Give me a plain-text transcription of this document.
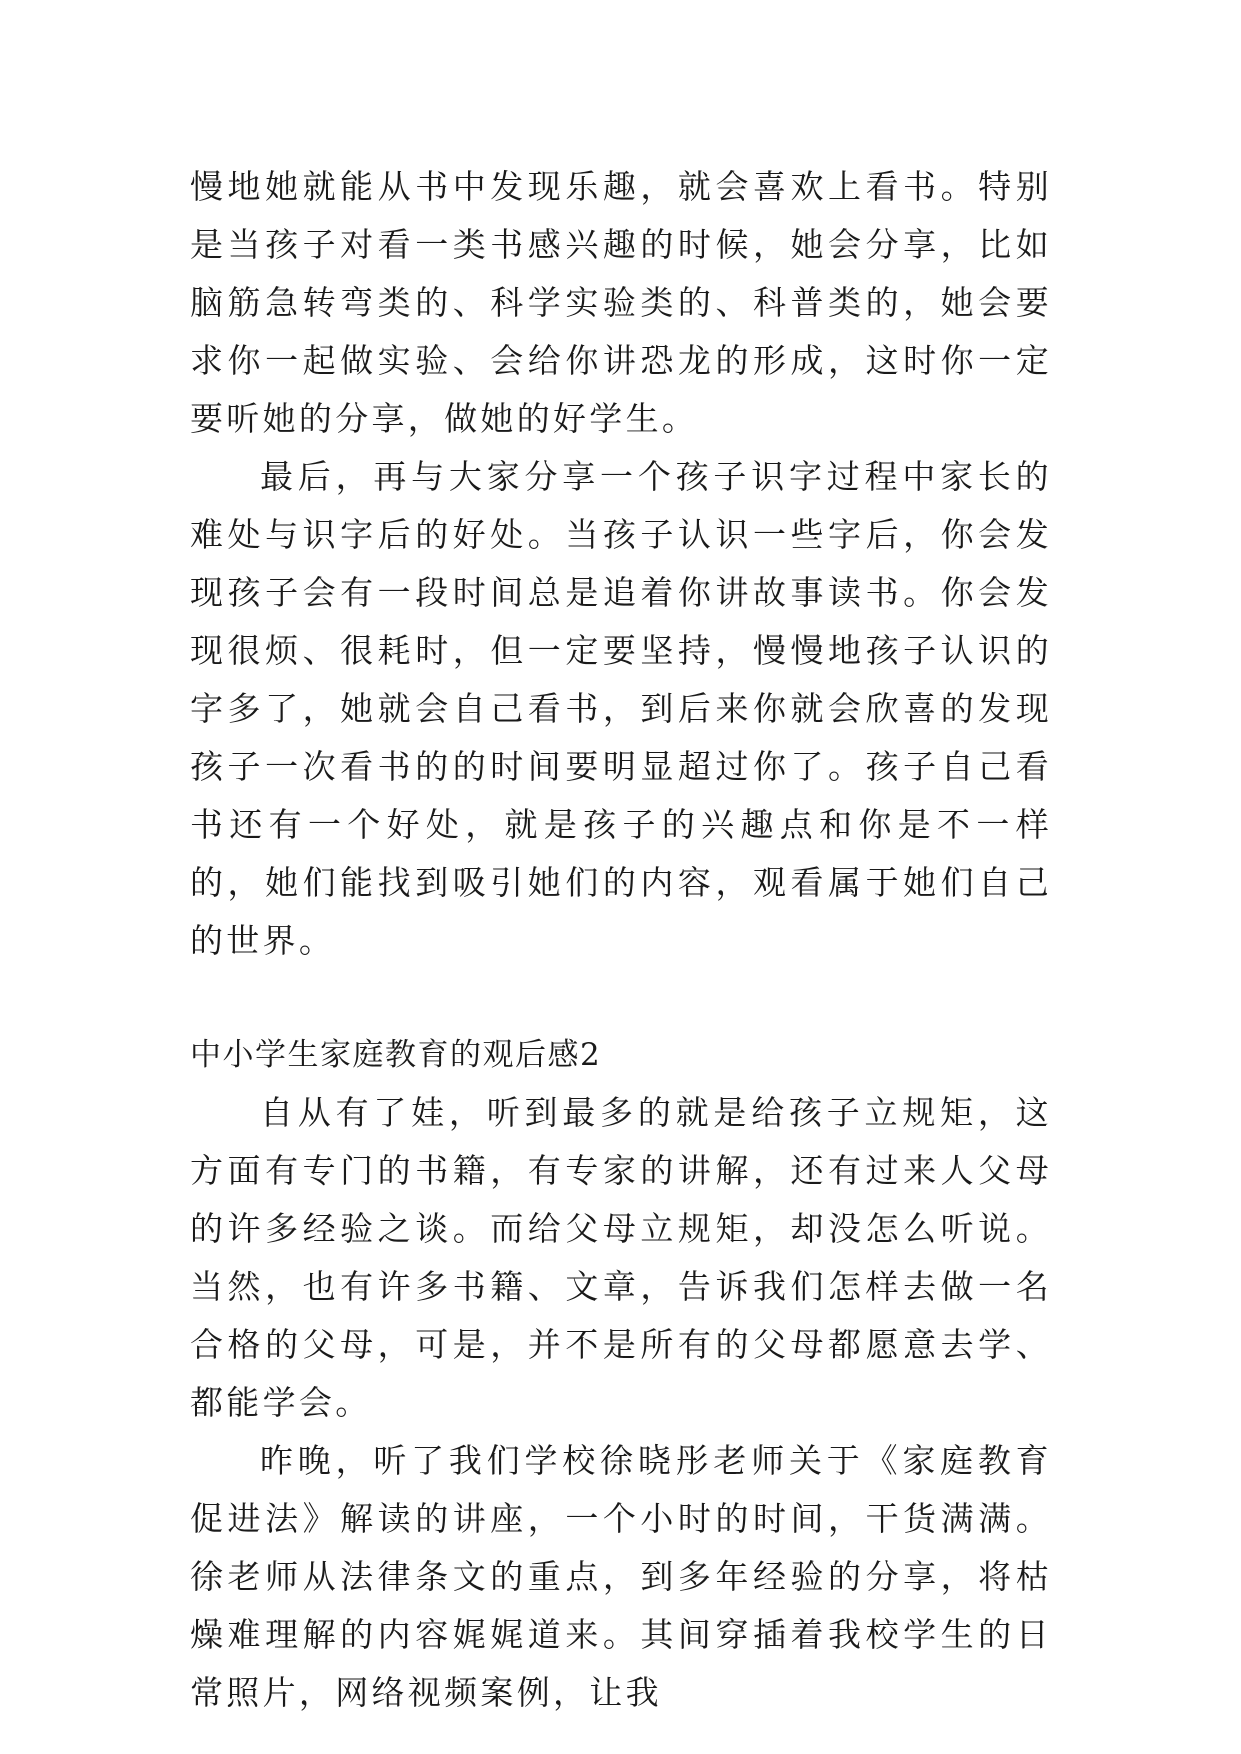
慢地她就能从书中发现乐趣，就会喜欢上看书。特别是当孩子对看一类书感兴趣的时候，她会分享，比如脑筋急转弯类的、科学实验类的、科普类的，她会要求你一起做实验、会给你讲恐龙的形成，这时你一定要听她的分享，做她的好学生。

最后，再与大家分享一个孩子识字过程中家长的难处与识字后的好处。当孩子认识一些字后，你会发现孩子会有一段时间总是追着你讲故事读书。你会发现很烦、很耗时，但一定要坚持，慢慢地孩子认识的字多了，她就会自己看书，到后来你就会欣喜的发现孩子一次看书的的时间要明显超过你了。孩子自己看书还有一个好处，就是孩子的兴趣点和你是不一样的，她们能找到吸引她们的内容，观看属于她们自己的世界。

中小学生家庭教育的观后感2

自从有了娃，听到最多的就是给孩子立规矩，这方面有专门的书籍，有专家的讲解，还有过来人父母的许多经验之谈。而给父母立规矩，却没怎么听说。当然，也有许多书籍、文章，告诉我们怎样去做一名合格的父母，可是，并不是所有的父母都愿意去学、都能学会。

昨晚，听了我们学校徐晓彤老师关于《家庭教育促进法》解读的讲座，一个小时的时间，干货满满。徐老师从法律条文的重点，到多年经验的分享，将枯燥难理解的内容娓娓道来。其间穿插着我校学生的日常照片，网络视频案例，让我
